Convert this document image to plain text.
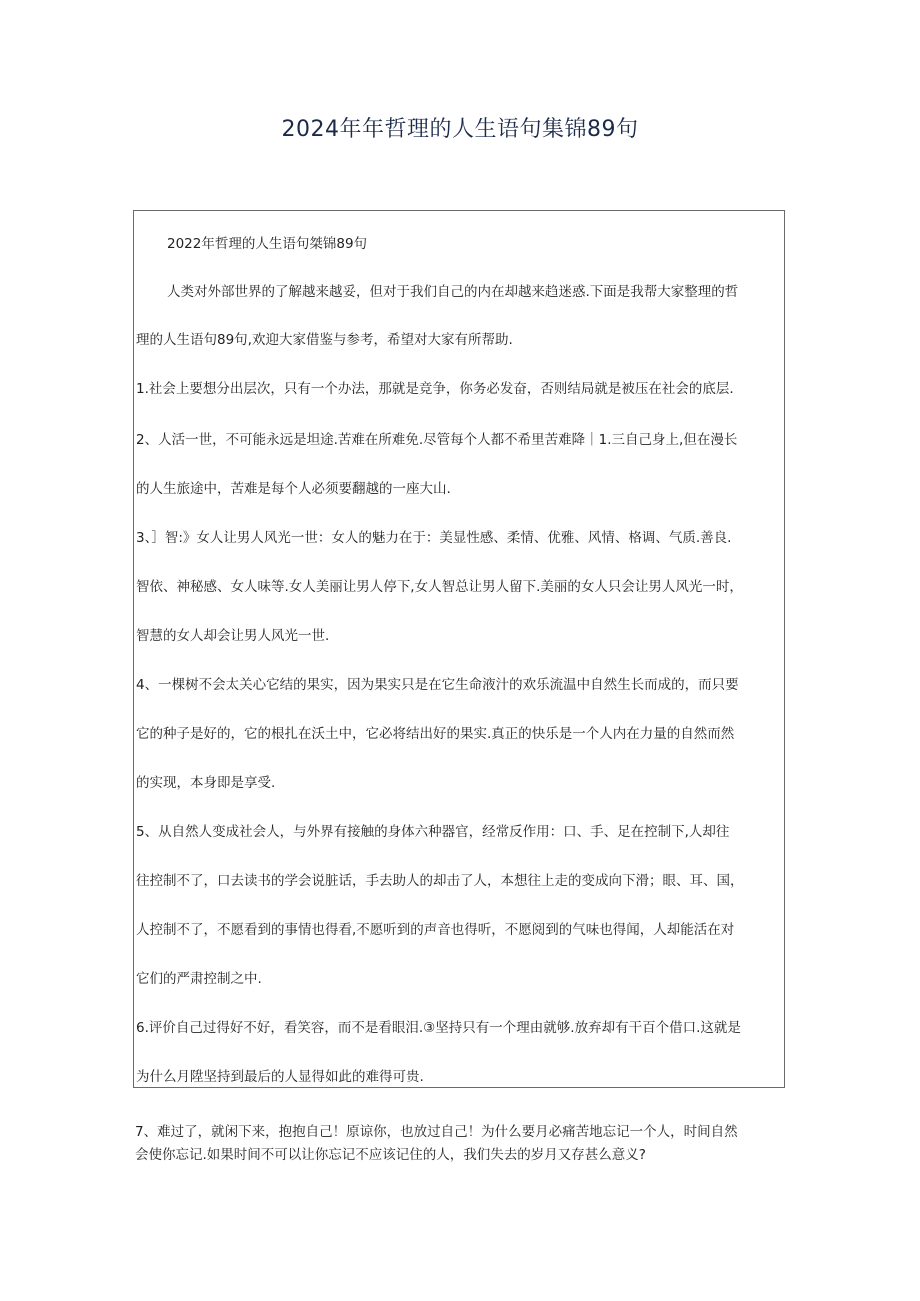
2024年年哲理的人生语句集锦89句
2022年哲理的人生语句桀锦89句
人类对外部世界的了解越来越妥，但对于我们自己的内在却越来趋迷惑.下面是我帮大家整理的哲
理的人生语句89句,欢迎大家借鉴与参考，希望对大家有所帮助.
1.社会上要想分出层次，只有一个办法，那就是竞争，你务必发奋，否则结局就是被压在社会的底层.
2、人活一世，不可能永远是坦途.苦难在所难免.尽管每个人都不希里苦难降｜1.三自己身上,但在漫长
的人生旅途中，苦难是每个人必须要翻越的一座大山.
3、］智:》女人让男人风光一世：女人的魅力在于：美显性感、柔情、优雅、风情、格调、气质.善良.
智依、神秘感、女人味等.女人美丽让男人停下,女人智总让男人留下.美丽的女人只会让男人风光一时，
智慧的女人却会让男人风光一世.
4、一棵树不会太关心它结的果实，因为果实只是在它生命液汁的欢乐流温中自然生长而成的，而只要
它的种子是好的，它的根扎在沃土中，它必将结出好的果实.真正的快乐是一个人内在力量的自然而然
的实现，本身即是享受.
5、从自然人变成社会人，与外界有接触的身体六种器官，经常反作用：口、手、足在控制下,人却往
往控制不了，口去读书的学会说脏话，手去助人的却击了人，本想往上走的变成向下滑；眼、耳、国，
人控制不了，不愿看到的事情也得看,不愿听到的声音也得听，不愿阅到的气味也得闻，人却能活在对
它们的严肃控制之中.
6.评价自己过得好不好，看笑容，而不是看眼泪.③坚持只有一个理由就够.放弃却有干百个借口.这就是
为什么月陞坚持到最后的人显得如此的难得可贵.
7、难过了，就闲下来，抱抱自己！原谅你，也放过自己！为什么要月必痛苦地忘记一个人，时间自然
会使你忘记.如果时间不可以让你忘记不应该记住的人，我们失去的岁月又存甚么意义?
